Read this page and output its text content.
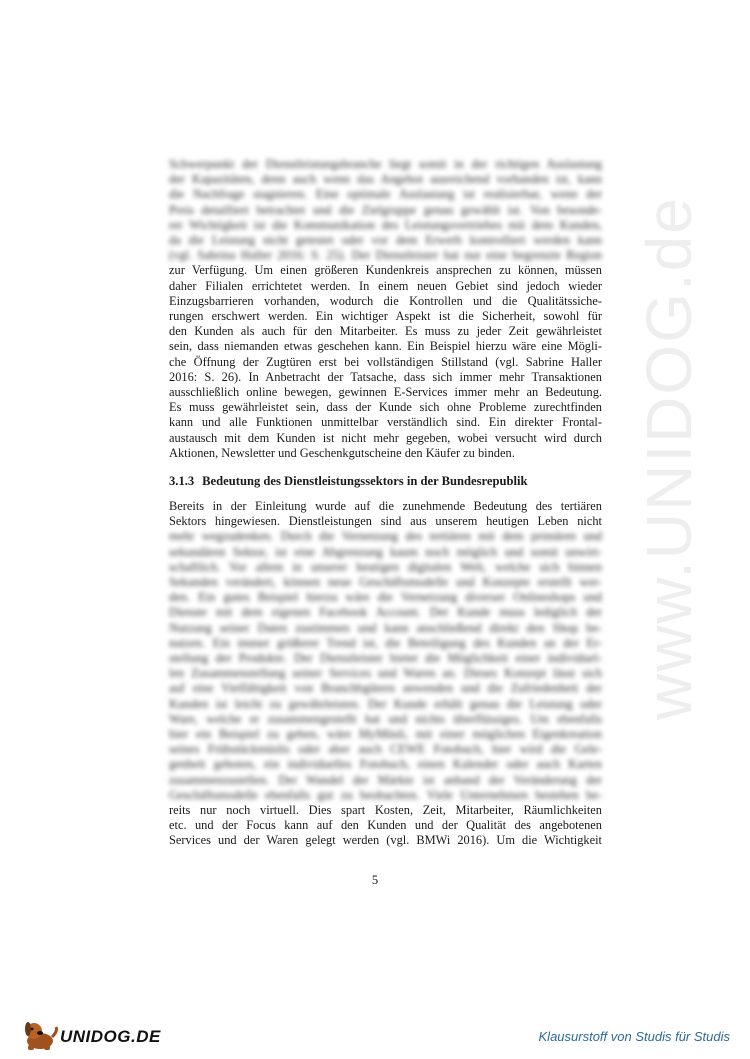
www.UNIDOG.de
Schwerpunkt der Dienstleistungsbranche liegt somit in der richtigen Auslastung
der Kapazitäten, denn auch wenn das Angebot ausreichend vorhanden ist, kann
die Nachfrage stagnieren. Eine optimale Auslastung ist realisierbar, wenn der
Preis detailliert betrachtet und die Zielgruppe genau gewählt ist. Von besonde-
rer Wichtigkeit ist die Kommunikation des Leistungsvertriebes mit dem Kunden,
da die Leistung nicht getestet oder vor dem Erwerb kontrolliert werden kann
(vgl. Sabrina Haller 2016: S. 25). Der Dienstleister hat nur eine begrenzte Region
zur Verfügung. Um einen größeren Kundenkreis ansprechen zu können, müssen
daher Filialen errichtetet werden. In einem neuen Gebiet sind jedoch wieder
Einzugsbarrieren vorhanden, wodurch die Kontrollen und die Qualitätssiche-
rungen erschwert werden. Ein wichtiger Aspekt ist die Sicherheit, sowohl für
den Kunden als auch für den Mitarbeiter. Es muss zu jeder Zeit gewährleistet
sein, dass niemanden etwas geschehen kann. Ein Beispiel hierzu wäre eine Mögli-
che Öffnung der Zugtüren erst bei vollständigen Stillstand (vgl. Sabrine Haller
2016: S. 26). In Anbetracht der Tatsache, dass sich immer mehr Transaktionen
ausschließlich online bewegen, gewinnen E-Services immer mehr an Bedeutung.
Es muss gewährleistet sein, dass der Kunde sich ohne Probleme zurechtfinden
kann und alle Funktionen unmittelbar verständlich sind. Ein direkter Frontal-
austausch mit dem Kunden ist nicht mehr gegeben, wobei versucht wird durch
Aktionen, Newsletter und Geschenkgutscheine den Käufer zu binden.
3.1.3 Bedeutung des Dienstleistungssektors in der Bundesrepublik
Bereits in der Einleitung wurde auf die zunehmende Bedeutung des tertiären
Sektors hingewiesen. Dienstleistungen sind aus unserem heutigen Leben nicht
mehr wegzudenken. Durch die Vernetzung des tertiären mit dem primären und
sekundären Sektor, ist eine Abgrenzung kaum noch möglich und somit unwirt-
schaftlich. Vor allem in unserer heutigen digitalen Welt, welche sich binnen
Sekunden verändert, können neue Geschäftsmodelle und Konzepte erstellt wer-
den. Ein gutes Beispiel hierzu wäre die Vernetzung diverser Onlineshops und
Dienste mit dem eigenen Facebook Account. Der Kunde muss lediglich der
Nutzung seiner Daten zustimmen und kann anschließend direkt den Shop be-
nutzen. Ein immer größerer Trend ist, die Beteiligung des Kunden an der Er-
stellung der Produkte. Der Dienstleister bietet die Möglichkeit einer individuel-
len Zusammenstellung seiner Services und Waren an. Dieses Konzept lässt sich
auf eine Vielfältigkeit von Branchbgütern anwenden und die Zufriedenheit der
Kunden ist leicht zu gewährleisten. Der Kunde erhält genau die Leistung oder
Ware, welche er zusammengestellt hat und nichts überflüssiges. Um ebenfalls
hier ein Beispiel zu geben, wäre MyMüsli, mit einer möglichen Eigenkreation
seines Frühstückmüslis oder aber auch CEWE Fotobuch, hier wird die Gele-
genheit geboten, ein individuelles Fotobuch, einen Kalender oder auch Karten
zusammenzustellen. Der Wandel der Märkte ist anhand der Veränderung der
Geschäftsmodelle ebenfalls gut zu beobachten. Viele Unternehmen bestehen be-
reits nur noch virtuell. Dies spart Kosten, Zeit, Mitarbeiter, Räumlichkeiten
etc. und der Focus kann auf den Kunden und der Qualität des angebotenen
Services und der Waren gelegt werden (vgl. BMWi 2016). Um die Wichtigkeit
5
UNIDOG.DE	Klausurstoff von Studis für Studis
